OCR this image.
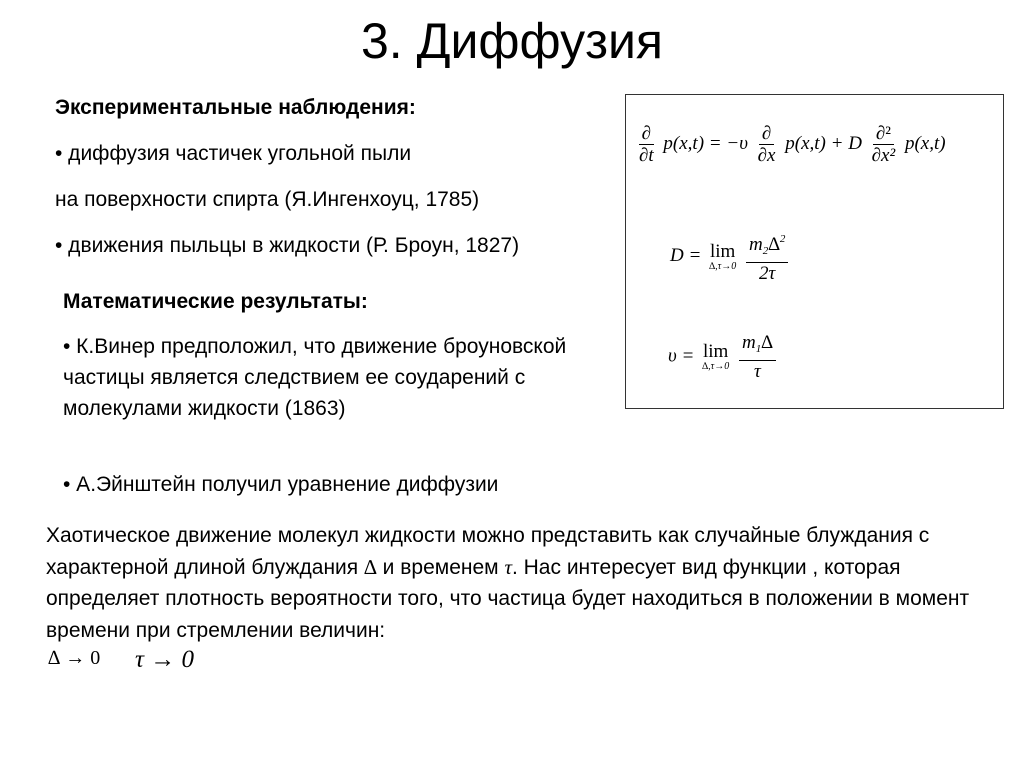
3. Диффузия
Экспериментальные наблюдения:
• диффузия частичек угольной пыли
на поверхности спирта (Я.Ингенхоуц, 1785)
• движения пыльцы в жидкости (Р. Броун, 1827)
Математические результаты:
• К.Винер предположил, что движение броуновской частицы является следствием ее соударений с молекулами жидкости (1863)
• А.Эйнштейн получил уравнение диффузии
$\frac{\partial}{\partial t} p(x,t) = -\upsilon \frac{\partial}{\partial x} p(x,t) + D \frac{\text{∂²}}{\text{∂x²}} p(x,t)$
D = lim
∆,τ→0
$\frac{m_2\Delta^2}{2\tau}$
υ = lim
∆,τ→0
$\frac{m_1\Delta}{\tau}$
Хаотическое движение молекул жидкости можно представить как случайные блуждания с характерной длиной блуждания ∆ и временем τ. Нас интересует вид функции , которая определяет плотность вероятности того, что частица будет находиться в положении в момент времени при стремлении величин:
∆ → 0 τ → 0
